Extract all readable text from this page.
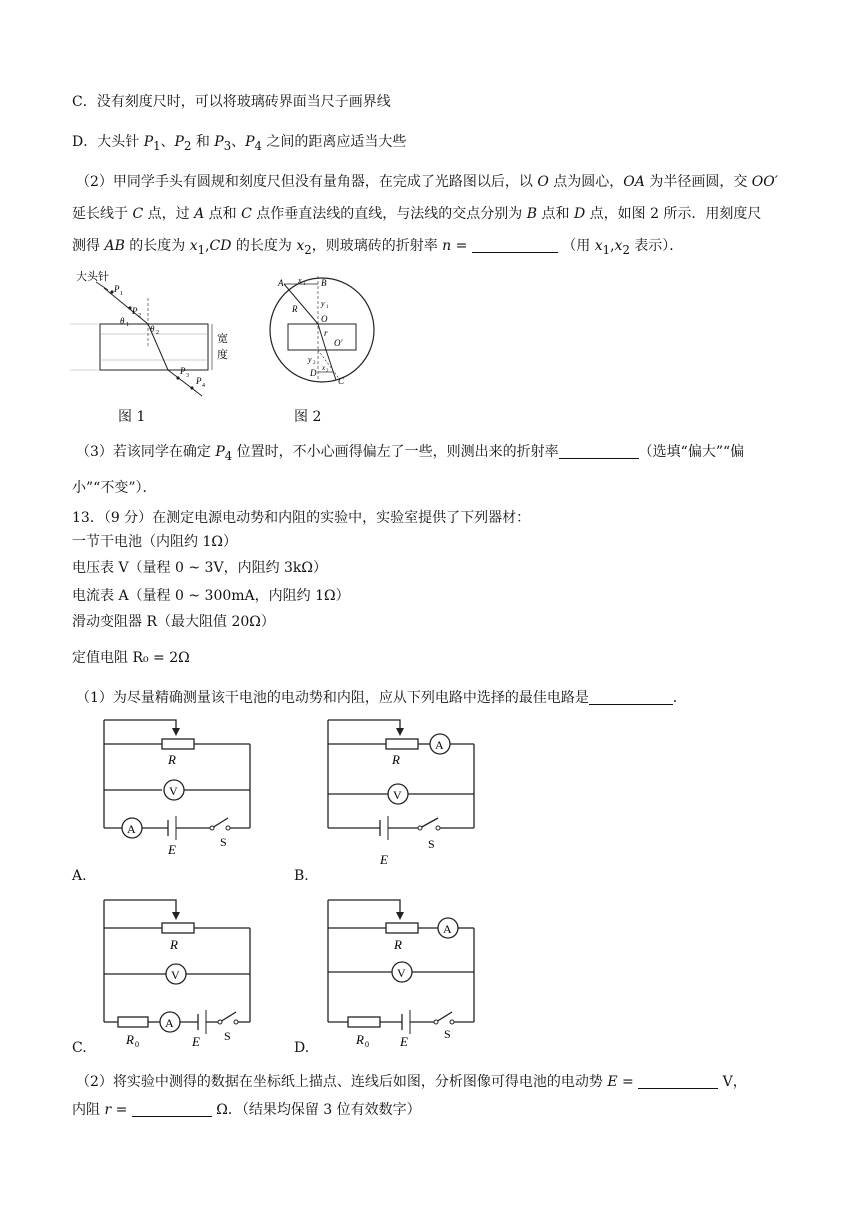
C．没有刻度尺时，可以将玻璃砖界面当尺子画界线
D．大头针 $P_1$、$P_2$ 和 $P_3$、$P_4$ 之间的距离应适当大些
（2）甲同学手头有圆规和刻度尺但没有量角器，在完成了光路图以后，以 O 点为圆心，OA 为半径画圆，交 OO′
延长线于 C 点，过 A 点和 C 点作垂直法线的直线，与法线的交点分别为 B 点和 D 点，如图 2 所示．用刻度尺
测得 AB 的长度为 $x_1,CD$ 的长度为 $x_2$，则玻璃砖的折射率 n =	（用 $x_1,x_2$ 表示）．
大头针
P 1
P 2
θ 1 θ 2
P 3 P 4
宽
度
图 1
A x 1 B
y 1
R
O
r
O′
y 2
x 2
D
C
图 2
（3）若该同学在确定 $P_4$ 位置时，不小心画得偏左了一些，则测出来的折射率	（选填“偏大”“偏
小”“不变”）．
13．（9 分）在测定电源电动势和内阻的实验中，实验室提供了下列器材：
一节干电池（内阻约 1Ω）
电压表 V（量程 0 ~ 3V，内阻约 3kΩ）
电流表 A（量程 0 ~ 300mA，内阻约 1Ω）
滑动变阻器 R（最大阻值 20Ω）
定值电阻 R₀ = 2Ω
（1）为尽量精确测量该干电池的电动势和内阻，应从下列电路中选择的最佳电路是	．
R
V
A
E	S
A.
R
A
V
E
S
B.
R
V
A
R 0	E S
C.
R
A
V
R 0 E	S
D.
（2）将实验中测得的数据在坐标纸上描点、连线后如图，分析图像可得电池的电动势 E =	V，
内阻 r =	Ω．（结果均保留 3 位有效数字）
